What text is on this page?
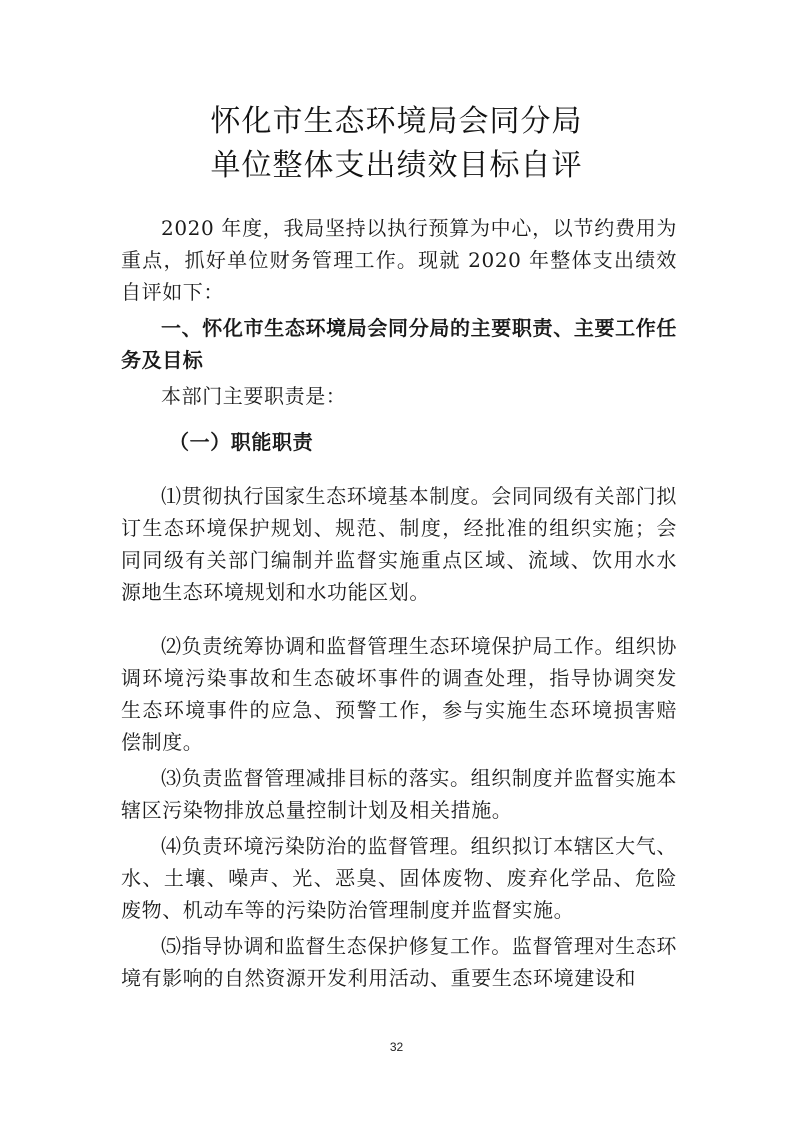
怀化市生态环境局会同分局
单位整体支出绩效目标自评

2020 年度，我局坚持以执行预算为中心，以节约费用为重点，抓好单位财务管理工作。现就 2020 年整体支出绩效自评如下：

一、怀化市生态环境局会同分局的主要职责、主要工作任务及目标

本部门主要职责是：

（一）职能职责

⑴贯彻执行国家生态环境基本制度。会同同级有关部门拟订生态环境保护规划、规范、制度，经批准的组织实施；会同同级有关部门编制并监督实施重点区域、流域、饮用水水源地生态环境规划和水功能区划。

⑵负责统筹协调和监督管理生态环境保护局工作。组织协调环境污染事故和生态破坏事件的调查处理，指导协调突发生态环境事件的应急、预警工作，参与实施生态环境损害赔偿制度。

⑶负责监督管理减排目标的落实。组织制度并监督实施本辖区污染物排放总量控制计划及相关措施。

⑷负责环境污染防治的监督管理。组织拟订本辖区大气、水、土壤、噪声、光、恶臭、固体废物、废弃化学品、危险废物、机动车等的污染防治管理制度并监督实施。

⑸指导协调和监督生态保护修复工作。监督管理对生态环境有影响的自然资源开发利用活动、重要生态环境建设和

32
